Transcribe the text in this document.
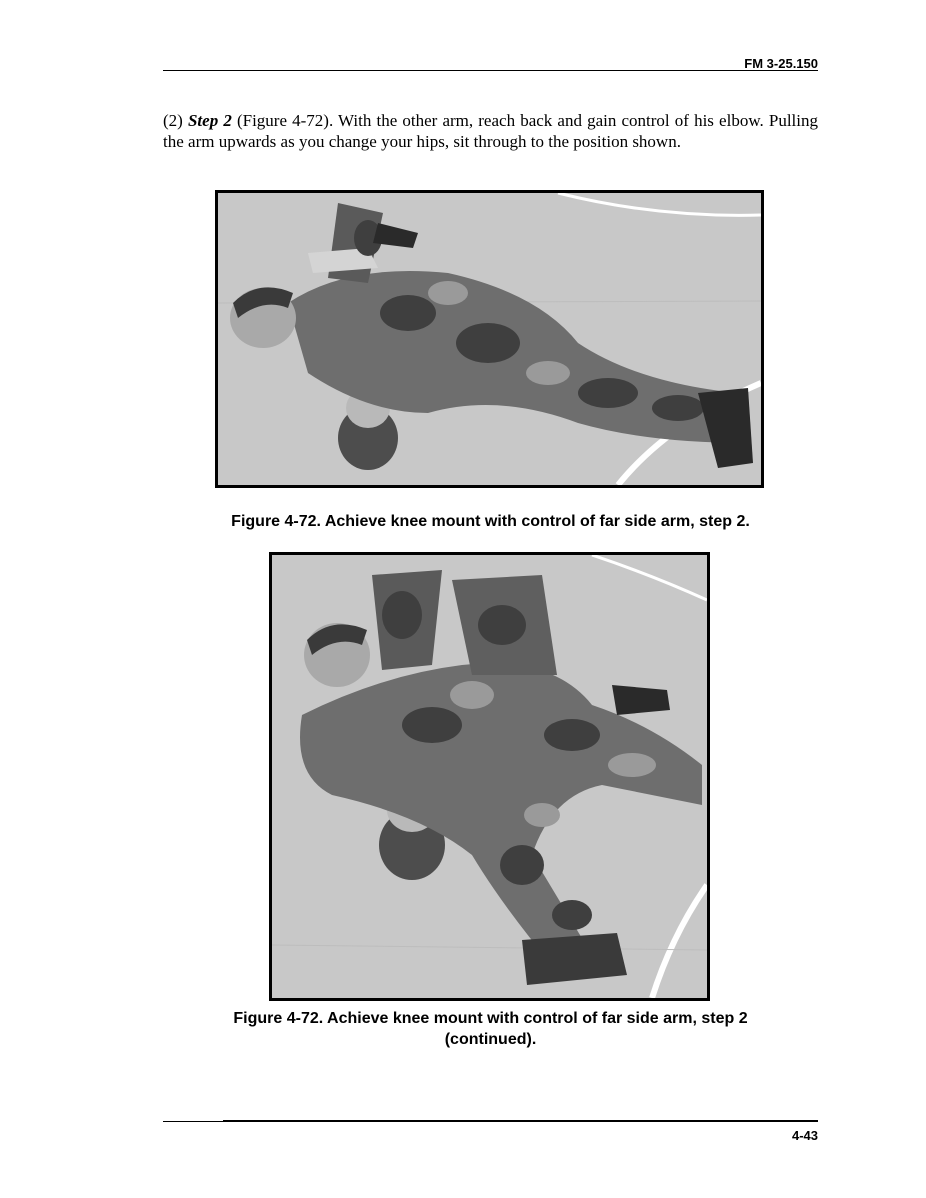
FM 3-25.150
(2) Step 2 (Figure 4-72). With the other arm, reach back and gain control of his elbow. Pulling the arm upwards as you change your hips, sit through to the position shown.
Figure 4-72. Achieve knee mount with control of far side arm, step 2.
Figure 4-72. Achieve knee mount with control of far side arm, step 2
(continued).
4-43
